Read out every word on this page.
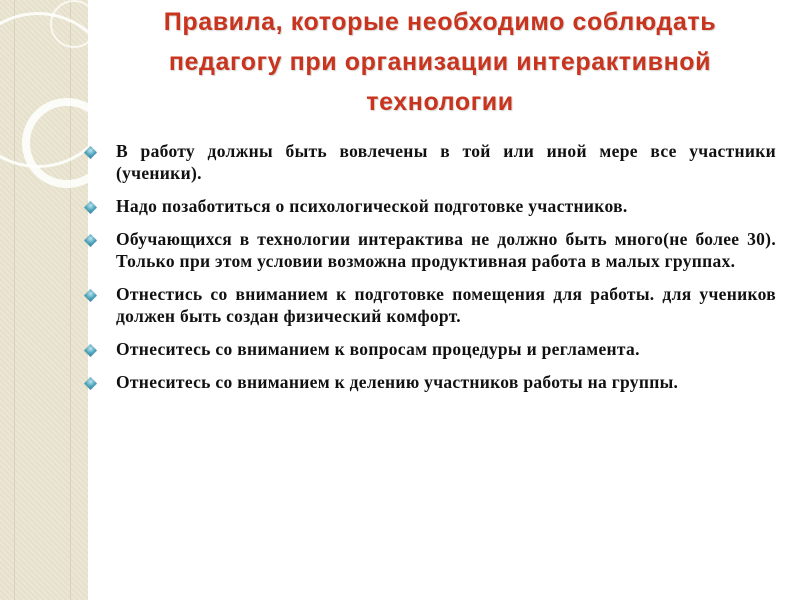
Правила, которые необходимо соблюдать педагогу при организации интерактивной технологии
В работу должны быть вовлечены в той или иной мере все участники (ученики).
Надо позаботиться о психологической подготовке участников.
Обучающихся в технологии интерактива не должно быть много(не более 30). Только при этом условии возможна продуктивная работа в малых группах.
Отнестись со вниманием к подготовке помещения для работы. для учеников должен быть создан физический комфорт.
Отнеситесь со вниманием к вопросам процедуры и регламента.
Отнеситесь со вниманием к делению участников работы на группы.
